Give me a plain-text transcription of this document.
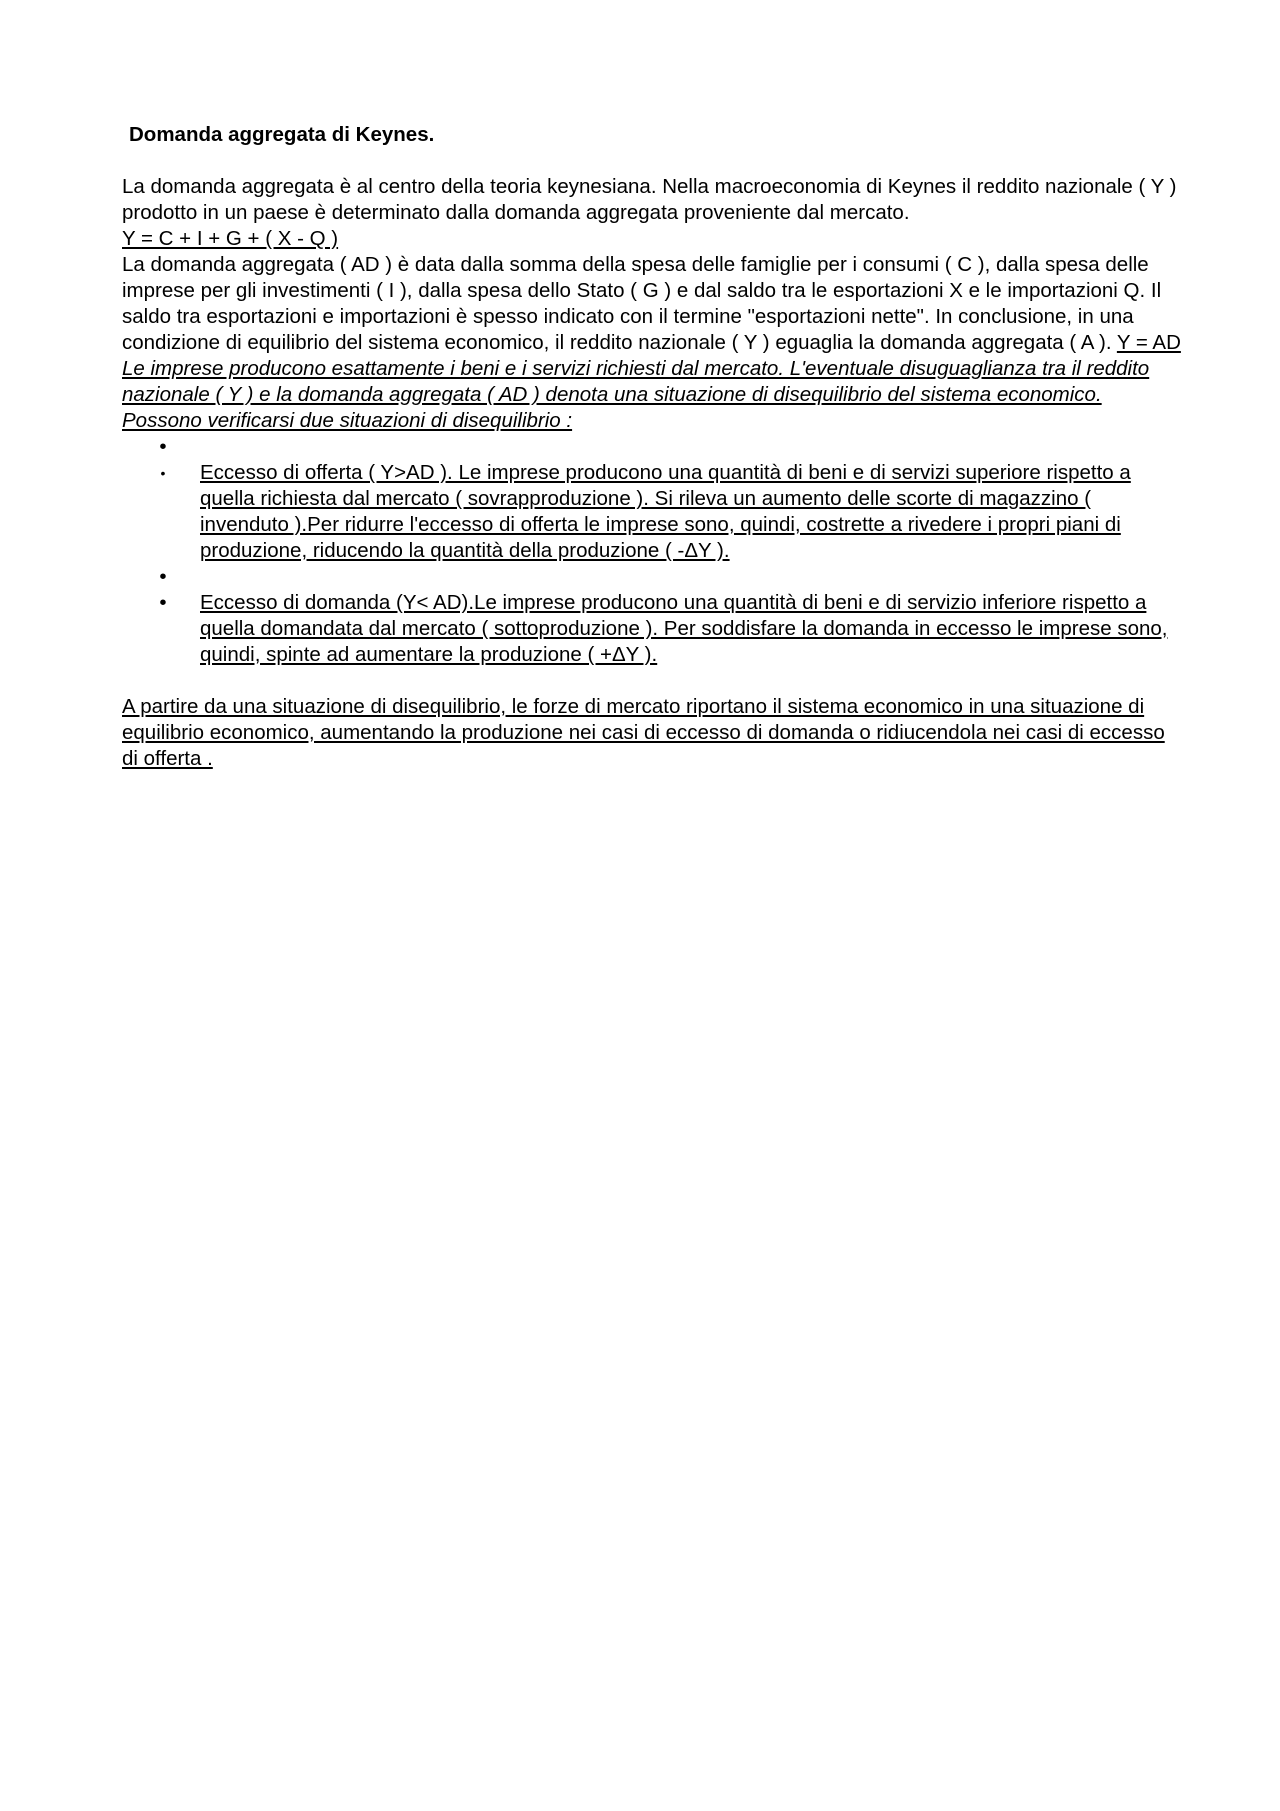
Domanda aggregata di Keynes.

La domanda aggregata è al centro della teoria keynesiana. Nella macroeconomia di Keynes il reddito nazionale ( Y ) prodotto in un paese è determinato dalla domanda aggregata proveniente dal mercato.

Y = C + I + G + ( X - Q )

La domanda aggregata ( AD ) è data dalla somma della spesa delle famiglie per i consumi ( C ), dalla spesa delle imprese per gli investimenti ( I ), dalla spesa dello Stato ( G ) e dal saldo tra le esportazioni X e le importazioni Q. Il saldo tra esportazioni e importazioni è spesso indicato con il termine "esportazioni nette". In conclusione, in una condizione di equilibrio del sistema economico, il reddito nazionale ( Y ) eguaglia la domanda aggregata ( A ). Y = AD

Le imprese producono esattamente i beni e i servizi richiesti dal mercato. L'eventuale disuguaglianza tra il reddito nazionale ( Y ) e la domanda aggregata ( AD ) denota una situazione di disequilibrio del sistema economico. Possono verificarsi due situazioni di disequilibrio :

•
• Eccesso di offerta ( Y>AD ). Le imprese producono una quantità di beni e di servizi superiore rispetto a quella richiesta dal mercato ( sovrapproduzione ). Si rileva un aumento delle scorte di magazzino ( invenduto ).Per ridurre l'eccesso di offerta le imprese sono, quindi, costrette a rivedere i propri piani di produzione, riducendo la quantità della produzione ( -ΔY ).
•
• Eccesso di domanda (Y< AD).Le imprese producono una quantità di beni e di servizio inferiore rispetto a quella domandata dal mercato ( sottoproduzione ). Per soddisfare la domanda in eccesso le imprese sono, quindi, spinte ad aumentare la produzione ( +ΔY ).

A partire da una situazione di disequilibrio, le forze di mercato riportano il sistema economico in una situazione di equilibrio economico, aumentando la produzione nei casi di eccesso di domanda o ridiucendola nei casi di eccesso di offerta .
